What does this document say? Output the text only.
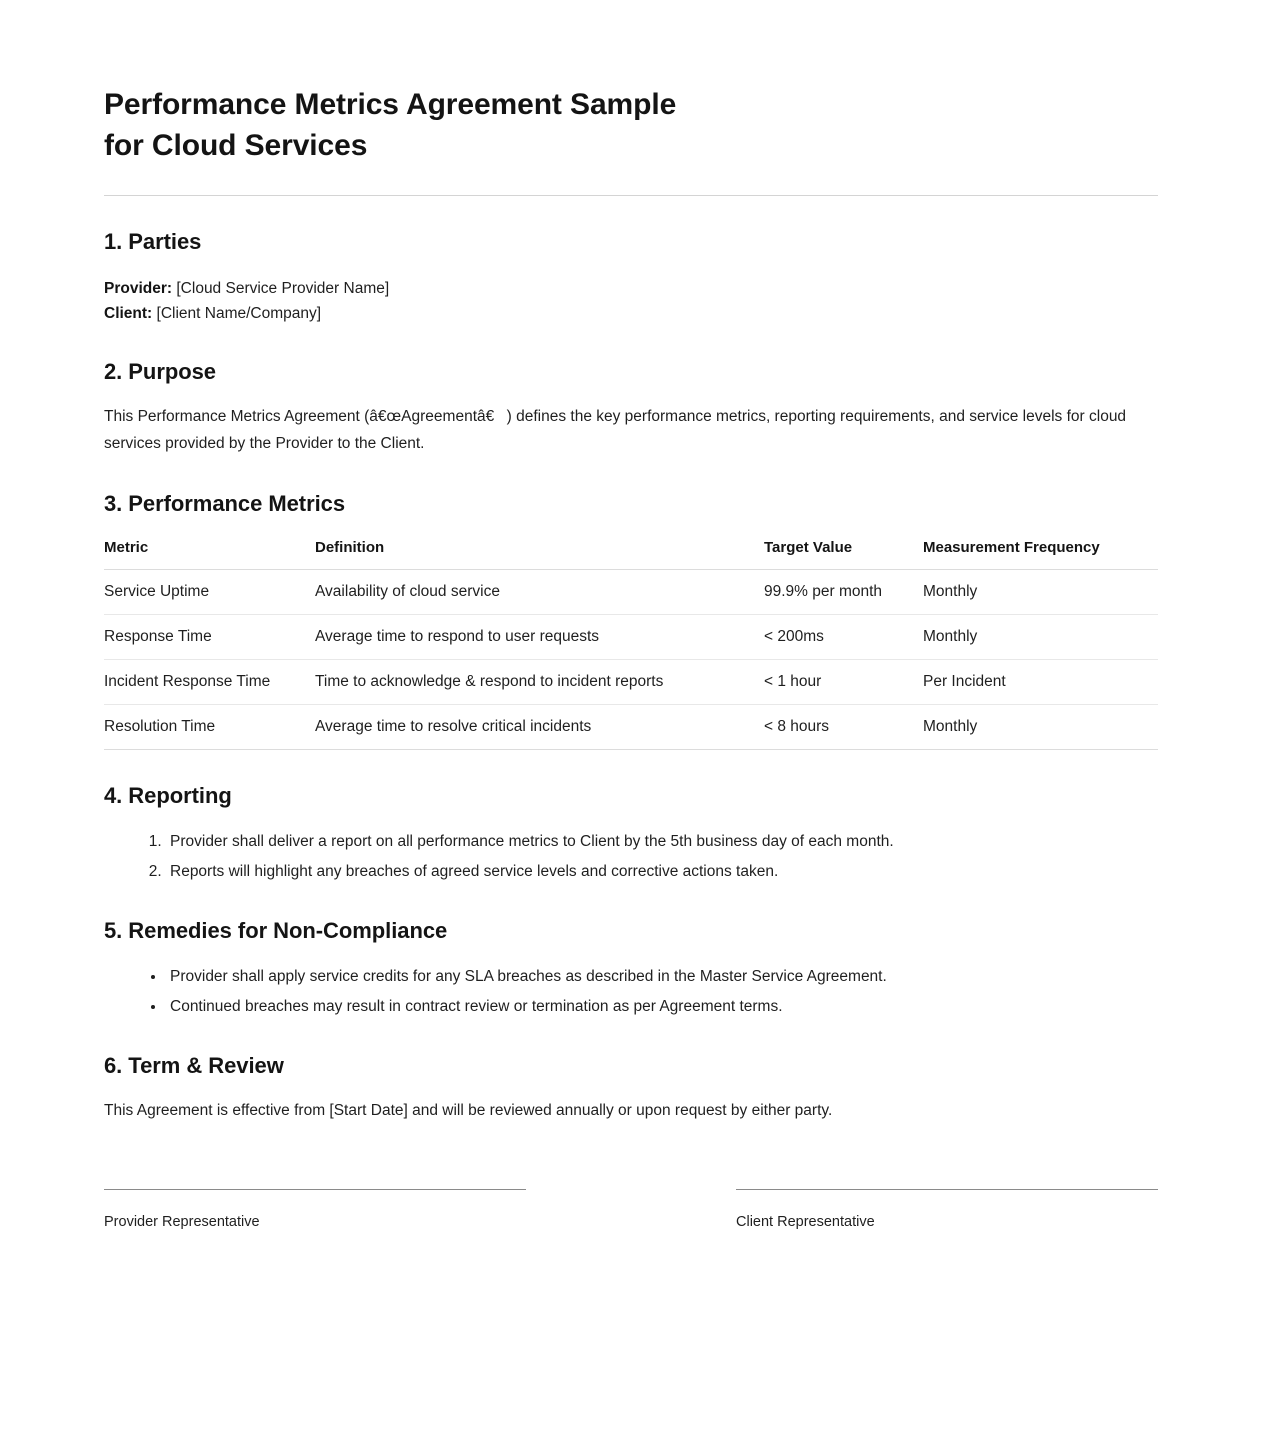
Performance Metrics Agreement Sample
for Cloud Services
1. Parties
Provider: [Cloud Service Provider Name]
Client: [Client Name/Company]
2. Purpose

This Performance Metrics Agreement (â€œAgreementâ€) defines the key performance metrics, reporting requirements, and service levels for cloud services provided by the Provider to the Client.

3. Performance Metrics
Metric	Definition	Target Value	Measurement Frequency
Service Uptime	Availability of cloud service	99.9% per month	Monthly
Response Time	Average time to respond to user requests	< 200ms	Monthly
Incident Response Time	Time to acknowledge & respond to incident reports	< 1 hour	Per Incident
Resolution Time	Average time to resolve critical incidents	< 8 hours	Monthly
4. Reporting
1. Provider shall deliver a report on all performance metrics to Client by the 5th business day of each month.
2. Reports will highlight any breaches of agreed service levels and corrective actions taken.
5. Remedies for Non-Compliance
• Provider shall apply service credits for any SLA breaches as described in the Master Service Agreement.
• Continued breaches may result in contract review or termination as per Agreement terms.
6. Term & Review

This Agreement is effective from [Start Date] and will be reviewed annually or upon request by either party.

Provider Representative	Client Representative
